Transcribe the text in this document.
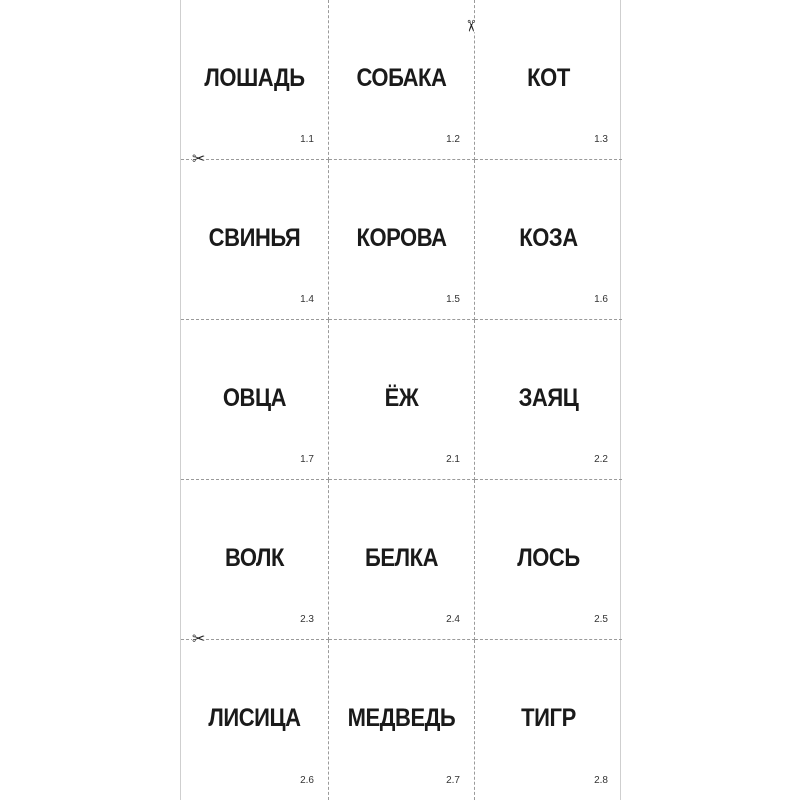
ЛОШАДЬ
1.1
СОБАКА
1.2
КОТ
1.3
СВИНЬЯ
1.4
КОРОВА
1.5
КОЗА
1.6
ОВЦА
1.7
ЁЖ
2.1
ЗАЯЦ
2.2
ВОЛК
2.3
БЕЛКА
2.4
ЛОСЬ
2.5
ЛИСИЦА
2.6
МЕДВЕДЬ
2.7
ТИГР
2.8
✂
✂
✂
